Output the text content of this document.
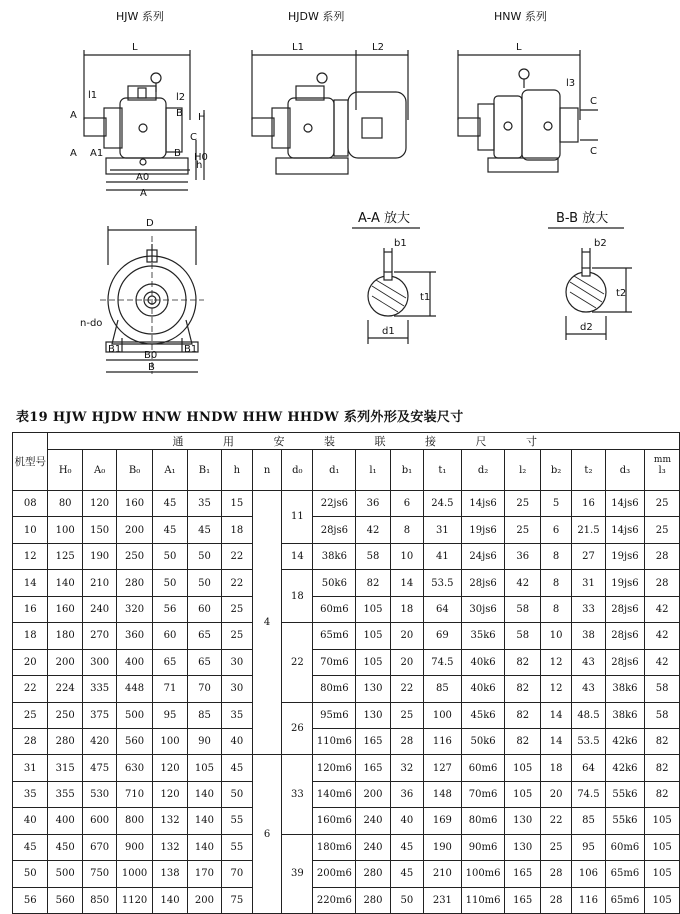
HJW 系列	HJDW 系列	HNW 系列
L
l1
A
A A1
l2
B
B
H
C
H0
h
A0
A
L1	L2	L
l3
C
C
D
n-do
B1	B1
B0
B
A-A 放大
b1
t1
d1
B-B 放大
b2
t2
d2
表19 HJW HJDW HNW HNDW HHW HHDW 系列外形及安装尺寸
机型号	通 用 安 装 联 接 尺 寸
mm																	

	H₀	A₀	B₀	A₁	B₁	h	n	d₀	d₁	l₁	b₁	t₁	d₂	l₂	b₂	t₂	d₃	l₃
08	80	120	160	45	35	15	4	11	22js6	36	6	24.5	14js6	25	5	16	14js6	25
10	100	150	200	45	45	18			28js6	42	8	31	19js6	25	6	21.5	14js6	25
12	125	190	250	50	50	22		14	38k6	58	10	41	24js6	36	8	27	19js6	28
14	140	210	280	50	50	22		18	50k6	82	14	53.5	28js6	42	8	31	19js6	28
16	160	240	320	56	60	25			60m6	105	18	64	30js6	58	8	33	28js6	42
18	180	270	360	60	65	25		22	65m6	105	20	69	35k6	58	10	38	28js6	42
20	200	300	400	65	65	30			70m6	105	20	74.5	40k6	82	12	43	28js6	42
22	224	335	448	71	70	30			80m6	130	22	85	40k6	82	12	43	38k6	58
25	250	375	500	95	85	35		26	95m6	130	25	100	45k6	82	14	48.5	38k6	58
28	280	420	560	100	90	40			110m6	165	28	116	50k6	82	14	53.5	42k6	82
31	315	475	630	120	105	45	6	33	120m6	165	32	127	60m6	105	18	64	42k6	82
35	355	530	710	120	140	50			140m6	200	36	148	70m6	105	20	74.5	55k6	82
40	400	600	800	132	140	55			160m6	240	40	169	80m6	130	22	85	55k6	105
45	450	670	900	132	140	55		39	180m6	240	45	190	90m6	130	25	95	60m6	105
50	500	750	1000	138	170	70			200m6	280	45	210	100m6	165	28	106	65m6	105
56	560	850	1120	140	200	75			220m6	280	50	231	110m6	165	28	116	65m6	105
